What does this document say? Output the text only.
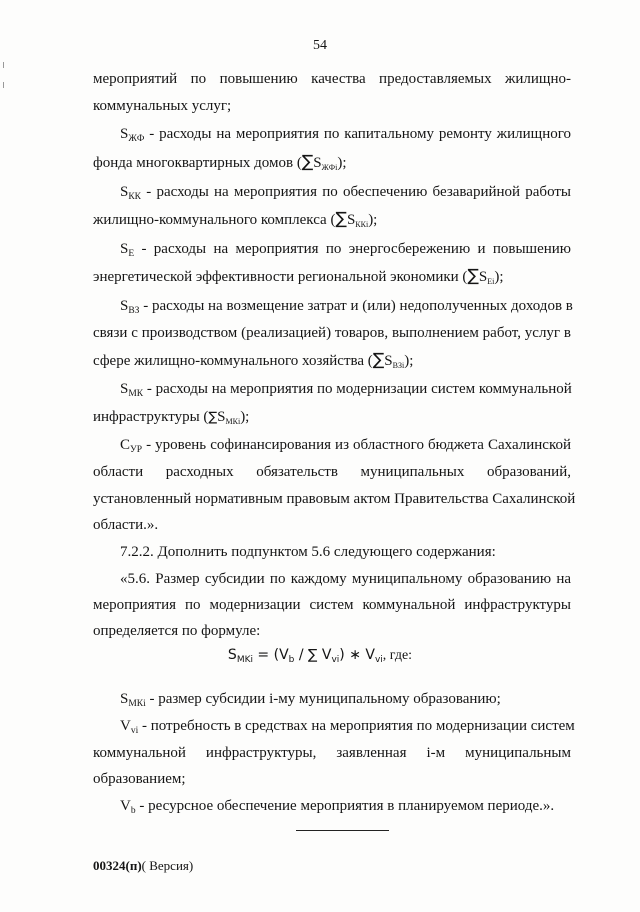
54
мероприятий по повышению качества предоставляемых жилищно-
коммунальных услуг;
$S_{ЖФ}$ - расходы на мероприятия по капитальному ремонту жилищного
фонда многоквартирных домов $(\sum S_{ЖФi})$;
$S_{КК}$ - расходы на мероприятия по обеспечению безаварийной работы
жилищно-коммунального комплекса $(\sum S_{ККi})$;
$S_E$ - расходы на мероприятия по энергосбережению и повышению
энергетической эффективности региональной экономики $(\sum S_{Ei})$;
$S_{ВЗ}$ - расходы на возмещение затрат и (или) недополученных доходов в
связи с производством (реализацией) товаров, выполнением работ, услуг в
сфере жилищно-коммунального хозяйства $(\sum S_{ВЗi})$;
$S_{МК}$ - расходы на мероприятия по модернизации систем коммунальной
инфраструктуры $(\sum S_{МКi})$;
$С_{УР}$ - уровень софинансирования из областного бюджета Сахалинской
области расходных обязательств муниципальных образований,
установленный нормативным правовым актом Правительства Сахалинской
области.».
7.2.2. Дополнить подпунктом 5.6 следующего содержания:
«5.6. Размер субсидии по каждому муниципальному образованию на
мероприятия по модернизации систем коммунальной инфраструктуры
определяется по формуле:
$S_{MKi} = (V_b$ / ∑ $V_{vi}$) ∗ $V_{vi}$, где:
$S_{МКi}$ - размер субсидии i-му муниципальному образованию;
$V_{vi}$ - потребность в средствах на мероприятия по модернизации систем
коммунальной инфраструктуры, заявленная i-м муниципальным
образованием;
$V_b$ - ресурсное обеспечение мероприятия в планируемом периоде.».
00324(п)( Версия)
